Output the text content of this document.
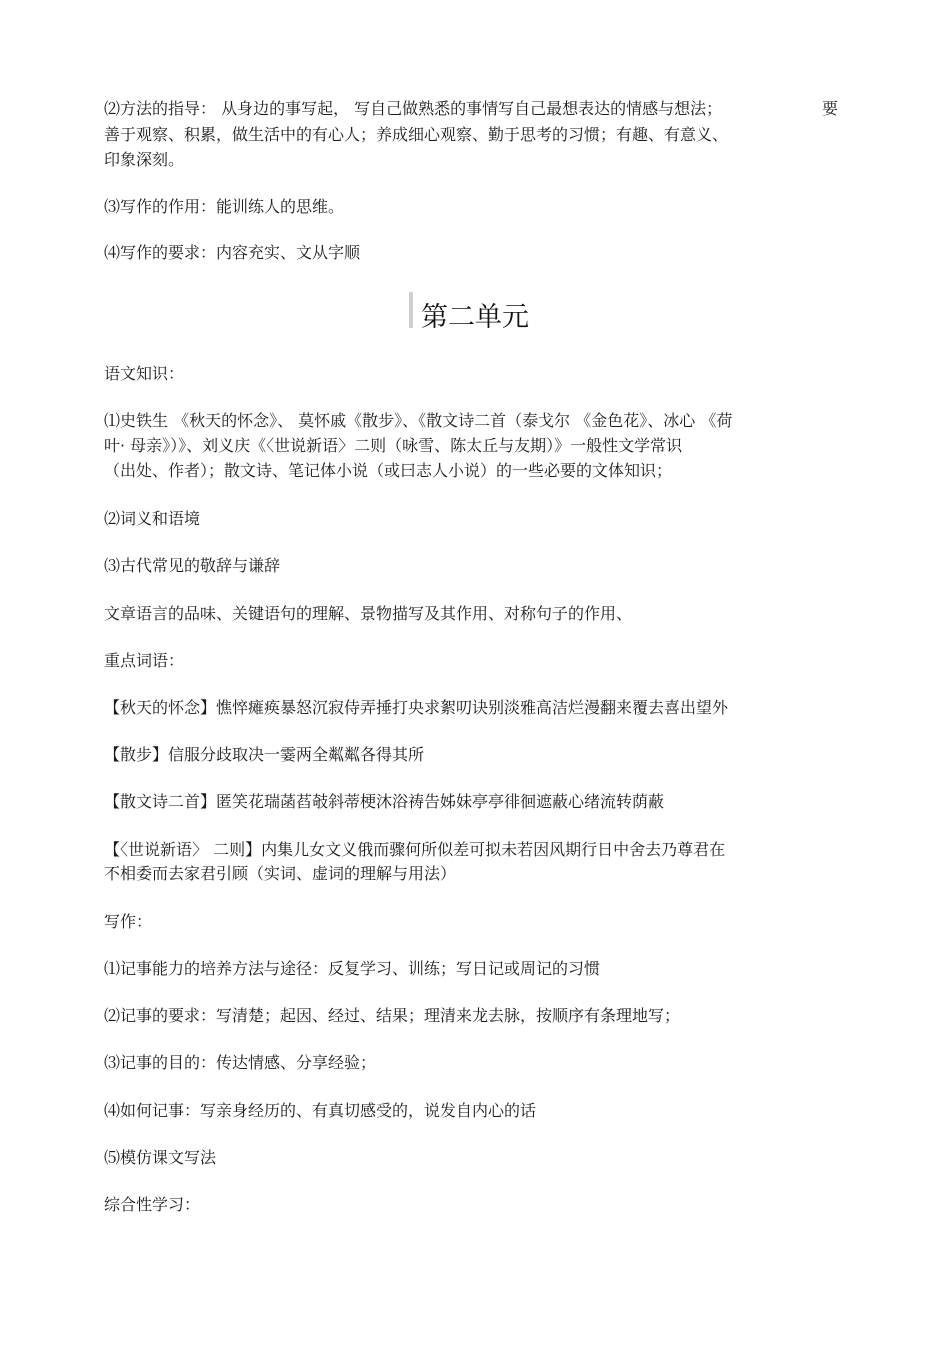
⑵方法的指导： 从身边的事写起， 写自己做熟悉的事情写自己最想表达的情感与想法；	要
善于观察、积累，做生活中的有心人；养成细心观察、勤于思考的习惯；有趣、有意义、
印象深刻。
⑶写作的作用：能训练人的思维。
⑷写作的要求：内容充实、文从字顺
第二单元
语文知识：
⑴史铁生 《秋天的怀念》、 莫怀戚《散步》、《散文诗二首（泰戈尔 《金色花》、冰心 《荷
叶· 母亲》）》、刘义庆《〈世说新语〉二则（咏雪、陈太丘与友期）》一般性文学常识
（出处、作者）；散文诗、笔记体小说（或曰志人小说）的一些必要的文体知识；
⑵词义和语境
⑶古代常见的敬辞与谦辞
文章语言的品味、关键语句的理解、景物描写及其作用、对称句子的作用、
重点词语：
【秋天的怀念】憔悴瘫痪暴怒沉寂侍弄捶打央求絮叨诀别淡雅高洁烂漫翻来覆去喜出望外
【散步】信服分歧取决一霎两全粼粼各得其所
【散文诗二首】匿笑花瑞菡萏攲斜蒂梗沐浴祷告姊妹亭亭徘徊遮蔽心绪流转荫蔽
【〈世说新语〉 二则】内集儿女文义俄而骤何所似差可拟未若因风期行日中舍去乃尊君在
不相委而去家君引顾（实词、虚词的理解与用法）
写作：
⑴记事能力的培养方法与途径：反复学习、训练；写日记或周记的习惯
⑵记事的要求：写清楚；起因、经过、结果；理清来龙去脉，按顺序有条理地写；
⑶记事的目的：传达情感、分享经验；
⑷如何记事：写亲身经历的、有真切感受的，说发自内心的话
⑸模仿课文写法
综合性学习：
